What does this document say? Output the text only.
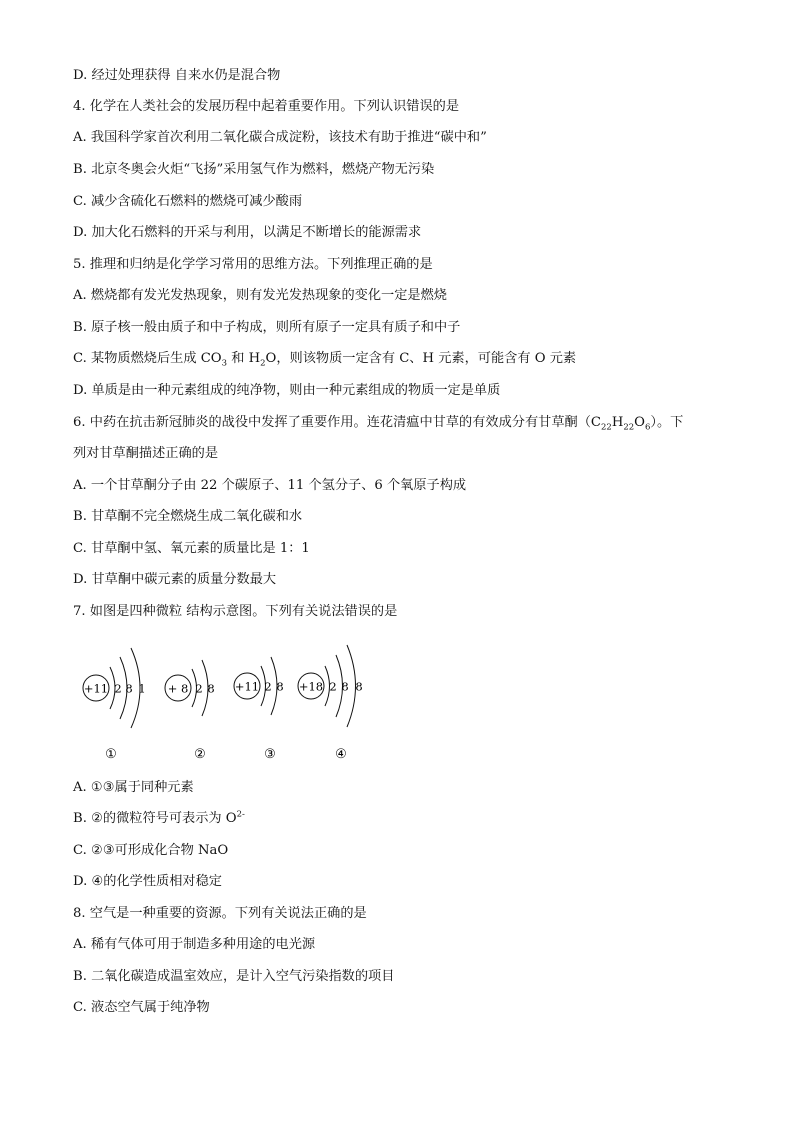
D. 经过处理获得 自来水仍是混合物
4. 化学在人类社会的发展历程中起着重要作用。下列认识错误的是
A. 我国科学家首次利用二氧化碳合成淀粉，该技术有助于推进“碳中和”
B. 北京冬奥会火炬“飞扬”采用氢气作为燃料，燃烧产物无污染
C. 减少含硫化石燃料的燃烧可减少酸雨
D. 加大化石燃料的开采与利用，以满足不断增长的能源需求
5. 推理和归纳是化学学习常用的思维方法。下列推理正确的是
A. 燃烧都有发光发热现象，则有发光发热现象的变化一定是燃烧
B. 原子核一般由质子和中子构成，则所有原子一定具有质子和中子
C. 某物质燃烧后生成 $CO_3$ 和 $H_2O$，则该物质一定含有 C、H 元素，可能含有 O 元素
D. 单质是由一种元素组成的纯净物，则由一种元素组成的物质一定是单质
6. 中药在抗击新冠肺炎的战役中发挥了重要作用。连花清瘟中甘草的有效成分有甘草酮$(C_{22}H_{22}O_6)$。下
列对甘草酮描述正确的是
A. 一个甘草酮分子由 22 个碳原子、11 个氢分子、6 个氧原子构成
B. 甘草酮不完全燃烧生成二氧化碳和水
C. 甘草酮中氢、氧元素的质量比是 1：1
D. 甘草酮中碳元素的质量分数最大
7. 如图是四种微粒 结构示意图。下列有关说法错误的是
+11 2 8 1 + 8 2 8 +11 2 8 +18 2 8 8
①	②	③	④
A. ①③属于同种元素
B. ②的微粒符号可表示为 $O^{2-}$
C. ②③可形成化合物 NaO
D. ④的化学性质相对稳定
8. 空气是一种重要的资源。下列有关说法正确的是
A. 稀有气体可用于制造多种用途的电光源
B. 二氧化碳造成温室效应，是计入空气污染指数的项目
C. 液态空气属于纯净物
